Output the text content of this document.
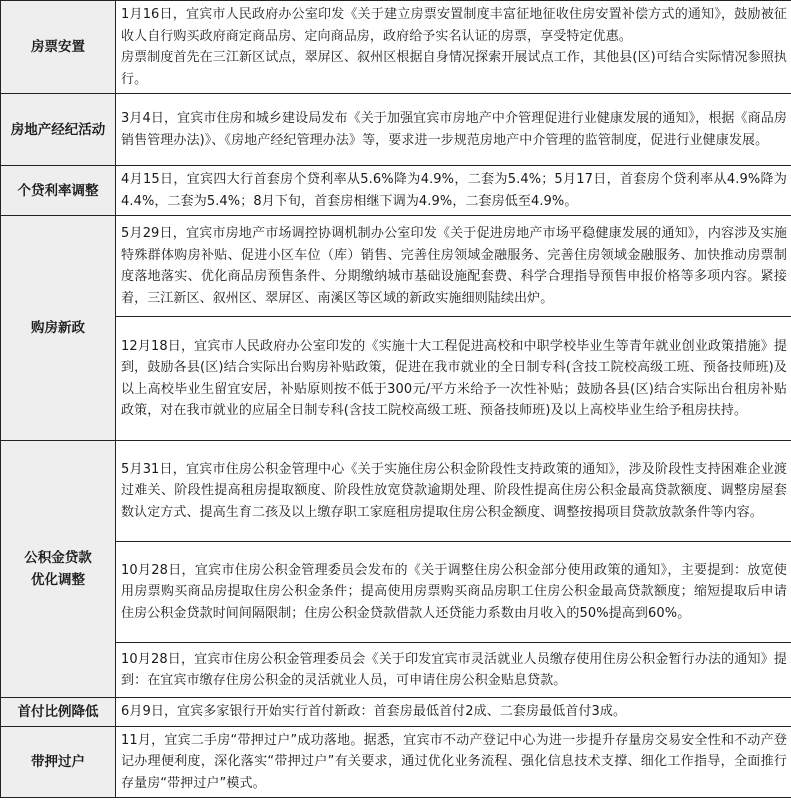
房票安置	1月16日，宜宾市人民政府办公室印发《关于建立房票安置制度丰富征地征收住房安置补偿方式的通知》，鼓励被征收人自行购买政府商定商品房、定向商品房，政府给予实名认证的房票，享受特定优惠。
房票制度首先在三江新区试点，翠屏区、叙州区根据自身情况探索开展试点工作，其他县(区)可结合实际情况参照执行。

房地产经纪活动	3月4日，宜宾市住房和城乡建设局发布《关于加强宜宾市房地产中介管理促进行业健康发展的通知》，根据《商品房销售管理办法)》、《房地产经纪管理办法》等，要求进一步规范房地产中介管理的监管制度，促进行业健康发展。

个贷利率调整	4月15日，宜宾四大行首套房个贷利率从5.6%降为4.9%，二套为5.4%；5月17日，首套房个贷利率从4.9%降为4.4%，二套为5.4%；8月下旬，首套房相继下调为4.9%，二套房低至4.9%。

购房新政	5月29日，宜宾市房地产市场调控协调机制办公室印发《关于促进房地产市场平稳健康发展的通知》，内容涉及实施特殊群体购房补贴、促进小区车位（库）销售、完善住房领域金融服务、完善住房领域金融服务、加快推动房票制度落地落实、优化商品房预售条件、分期缴纳城市基础设施配套费、科学合理指导预售申报价格等多项内容。紧接着，三江新区、叙州区、翠屏区、南溪区等区域的新政实施细则陆续出炉。

	12月18日，宜宾市人民政府办公室印发的《实施十大工程促进高校和中职学校毕业生等青年就业创业政策措施》提到，鼓励各县(区)结合实际出台购房补贴政策，促进在我市就业的全日制专科(含技工院校高级工班、预备技师班)及以上高校毕业生留宜安居，补贴原则按不低于300元/平方米给予一次性补贴；鼓励各县(区)结合实际出台租房补贴政策，对在我市就业的应届全日制专科(含技工院校高级工班、预备技师班)及以上高校毕业生给予租房扶持。

公积金贷款
优化调整	5月31日，宜宾市住房公积金管理中心《关于实施住房公积金阶段性支持政策的通知》，涉及阶段性支持困难企业渡过难关、阶段性提高租房提取额度、阶段性放宽贷款逾期处理、阶段性提高住房公积金最高贷款额度、调整房屋套数认定方式、提高生育二孩及以上缴存职工家庭租房提取住房公积金额度、调整按揭项目贷款放款条件等内容。

	10月28日，宜宾市住房公积金管理委员会发布的《关于调整住房公积金部分使用政策的通知》，主要提到：放宽使用房票购买商品房提取住房公积金条件；提高使用房票购买商品房职工住房公积金最高贷款额度；缩短提取后申请住房公积金贷款时间间隔限制；住房公积金贷款借款人还贷能力系数由月收入的50%提高到60%。

	10月28日，宜宾市住房公积金管理委员会《关于印发宜宾市灵活就业人员缴存使用住房公积金暂行办法的通知》提到：在宜宾市缴存住房公积金的灵活就业人员，可申请住房公积金贴息贷款。

首付比例降低	6月9日，宜宾多家银行开始实行首付新政：首套房最低首付2成、二套房最低首付3成。

带押过户	11月，宜宾二手房“带押过户”成功落地。据悉，宜宾市不动产登记中心为进一步提升存量房交易安全性和不动产登记办理便利度，深化落实“带押过户”有关要求，通过优化业务流程、强化信息技术支撑、细化工作指导，全面推行存量房“带押过户”模式。
